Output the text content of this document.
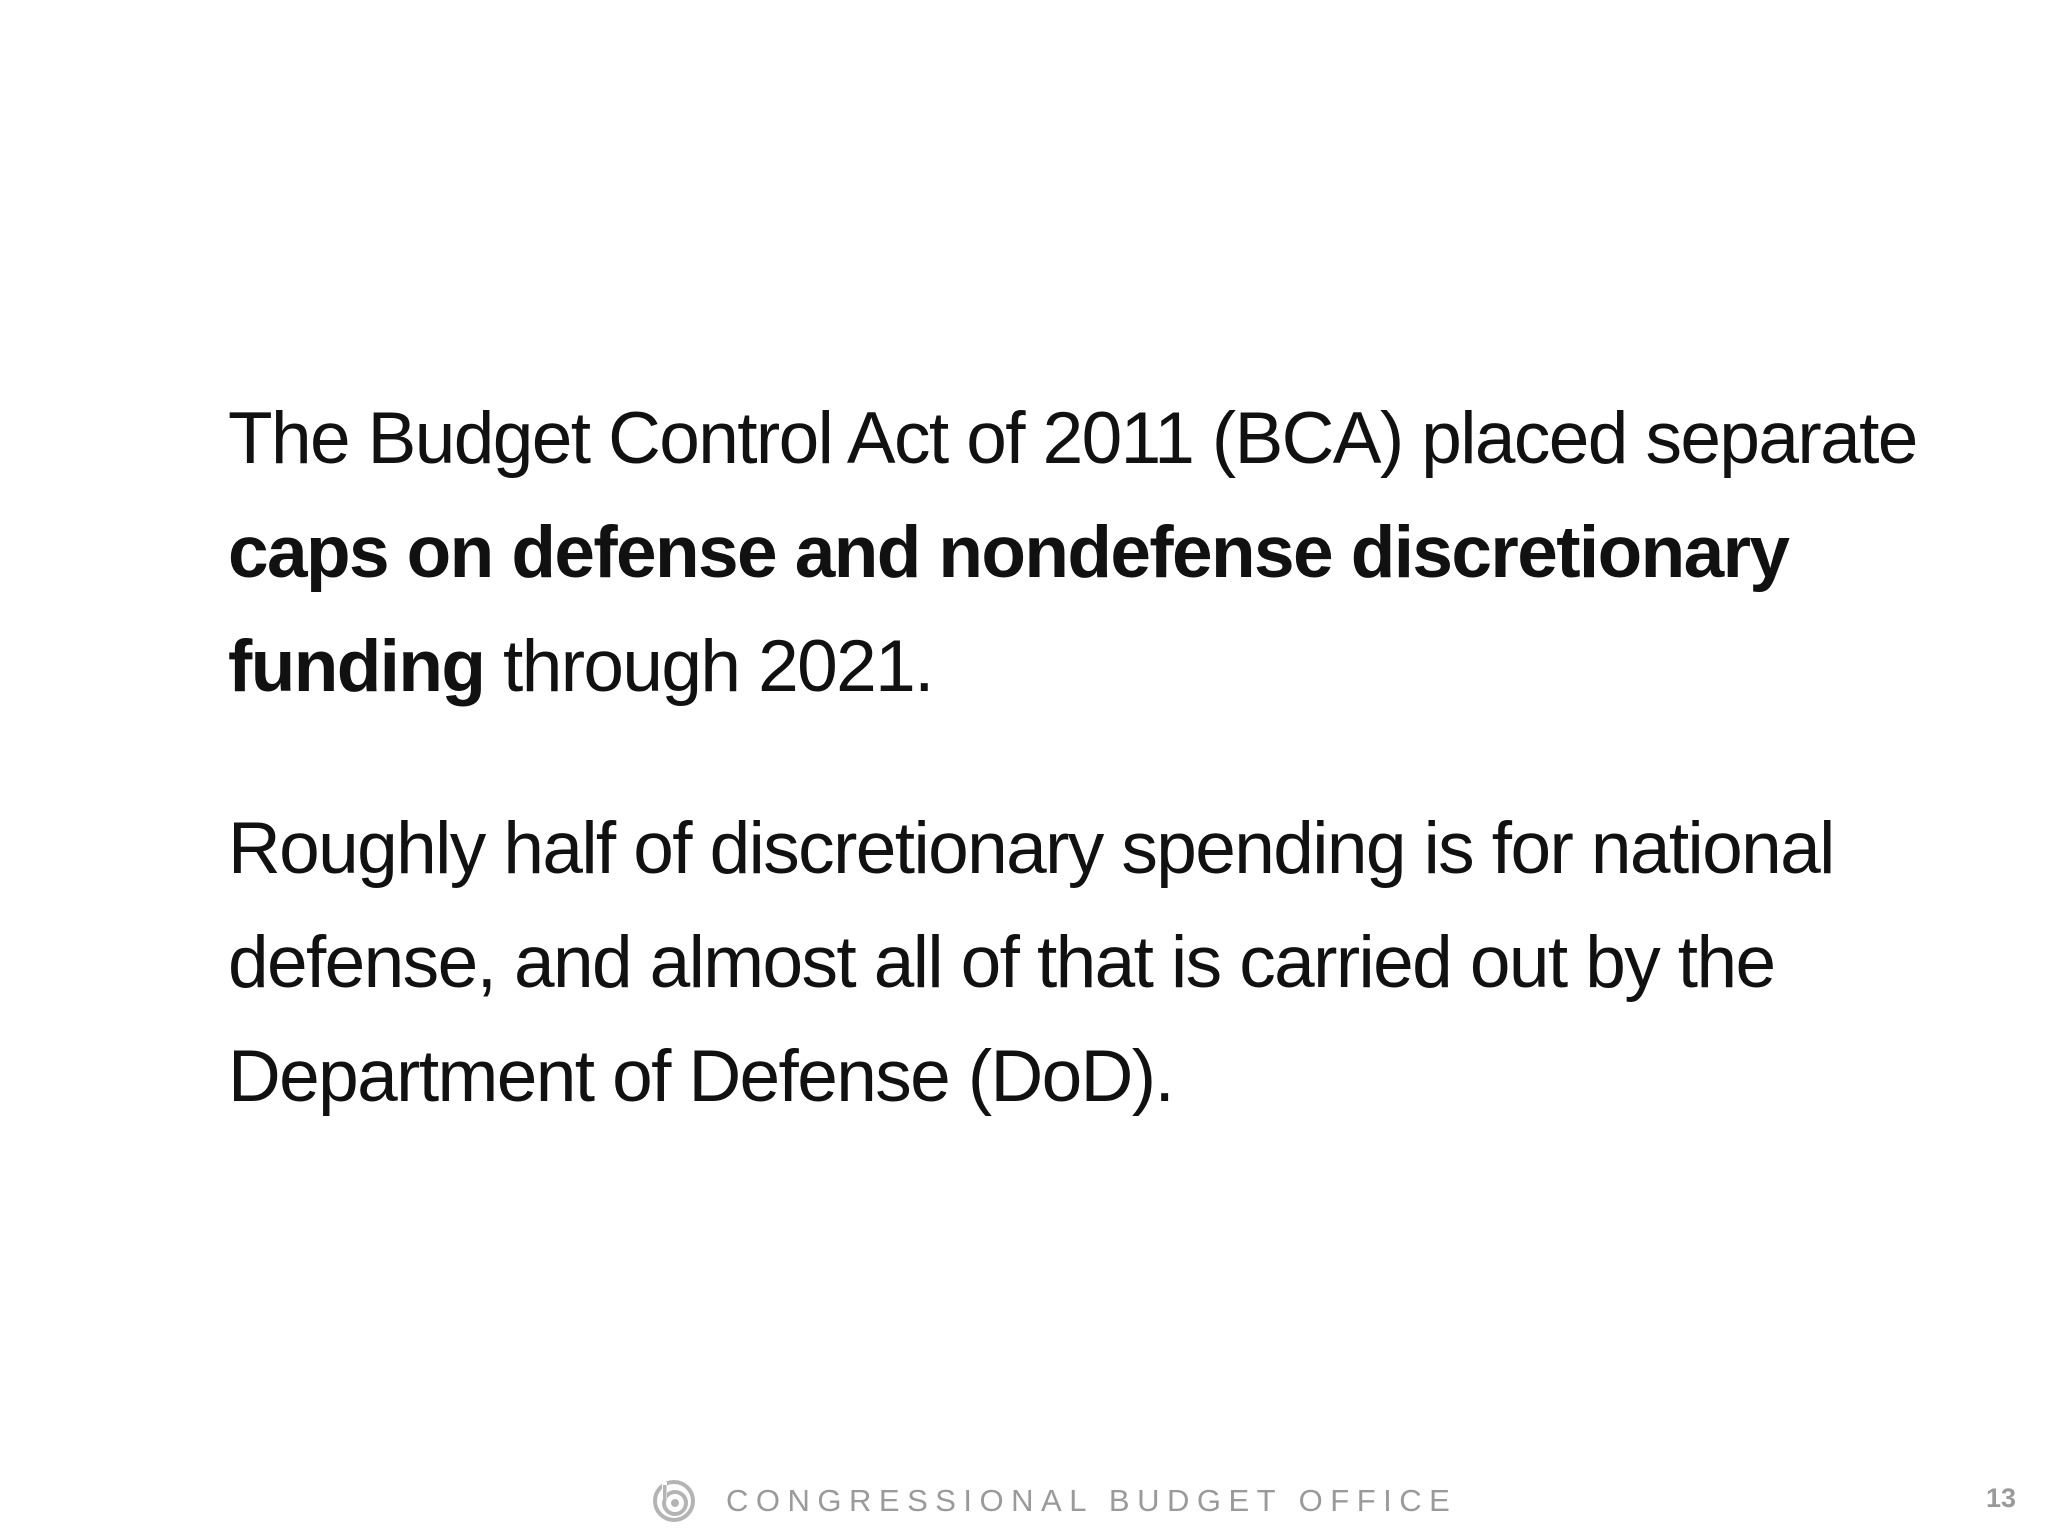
The Budget Control Act of 2011 (BCA) placed separate caps on defense and nondefense discretionary funding through 2021.

Roughly half of discretionary spending is for national defense, and almost all of that is carried out by the Department of Defense (DoD).

CONGRESSIONAL BUDGET OFFICE	13
